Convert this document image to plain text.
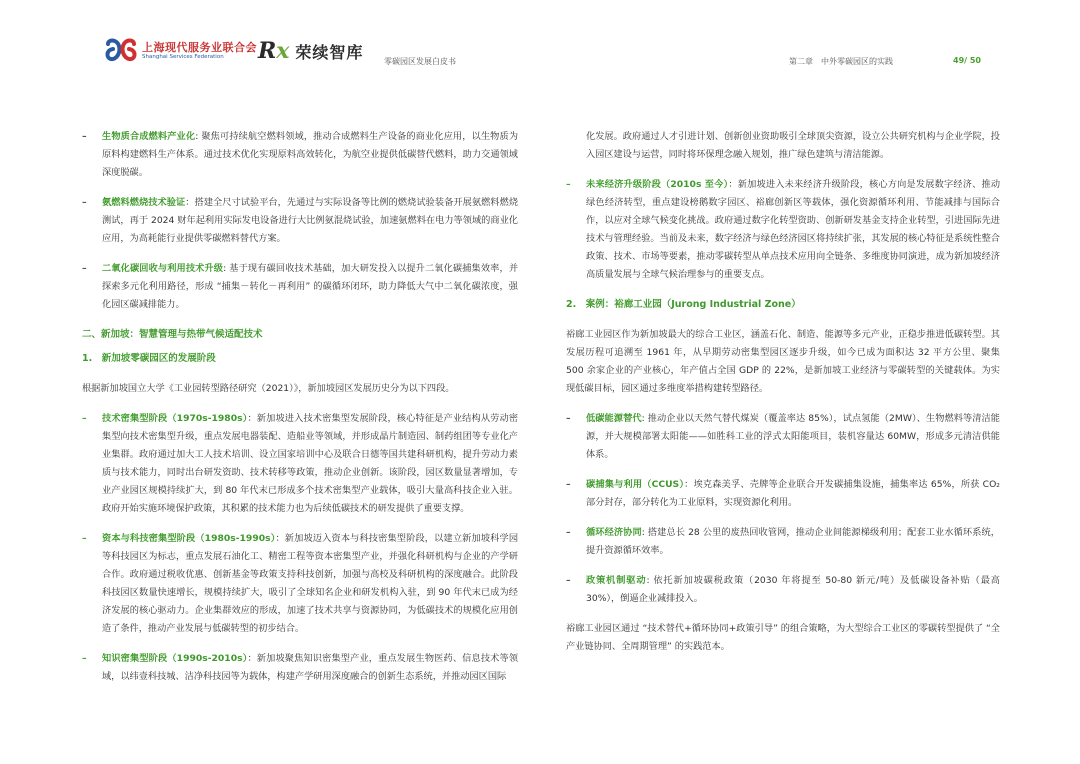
上海现代服务业联合会
Shanghai Services Federation	Rx 荣续智库	零碳园区发展白皮书	第二章　中外零碳园区的实践	49/ 50
– 生物质合成燃料产业化: 聚焦可持续航空燃料领域，推动合成燃料生产设备的商业化应用，以生物质为原料构建燃料生产体系。通过技术优化实现原料高效转化，为航空业提供低碳替代燃料，助力交通领域深度脱碳。
– 氨燃料燃烧技术验证：搭建全尺寸试验平台，先通过与实际设备等比例的燃烧试验装备开展氨燃料燃烧测试，再于 2024 财年起利用实际发电设备进行大比例氨混烧试验，加速氨燃料在电力等领域的商业化应用，为高耗能行业提供零碳燃料替代方案。
– 二氧化碳回收与利用技术升级: 基于现有碳回收技术基础，加大研发投入以提升二氧化碳捕集效率，并探索多元化利用路径，形成 “捕集－转化－再利用” 的碳循环闭环，助力降低大气中二氧化碳浓度，强化园区碳减排能力。
二、新加坡：智慧管理与热带气候适配技术
1.　新加坡零碳园区的发展阶段
根据新加坡国立大学《工业园转型路径研究（2021）》，新加坡园区发展历史分为以下四段。
– 技术密集型阶段（1970s-1980s）：新加坡进入技术密集型发展阶段，核心特征是产业结构从劳动密集型向技术密集型升级，重点发展电器装配、造船业等领域，并形成晶片制造园、制药组团等专业化产业集群。政府通过加大工人技术培训、设立国家培训中心及联合日德等国共建科研机构，提升劳动力素质与技术能力，同时出台研发资助、技术转移等政策，推动企业创新。该阶段，园区数量显著增加，专业产业园区规模持续扩大，到 80 年代末已形成多个技术密集型产业载体，吸引大量高科技企业入驻。政府开始实施环境保护政策，其积累的技术能力也为后续低碳技术的研发提供了重要支撑。
– 资本与科技密集型阶段（1980s-1990s）：新加坡迈入资本与科技密集型阶段，以建立新加坡科学园等科技园区为标志，重点发展石油化工、精密工程等资本密集型产业，并强化科研机构与企业的产学研合作。政府通过税收优惠、创新基金等政策支持科技创新，加强与高校及科研机构的深度融合。此阶段科技园区数量快速增长，规模持续扩大，吸引了全球知名企业和研发机构入驻，到 90 年代末已成为经济发展的核心驱动力。企业集群效应的形成，加速了技术共享与资源协同，为低碳技术的规模化应用创造了条件，推动产业发展与低碳转型的初步结合。
– 知识密集型阶段（1990s-2010s）：新加坡聚焦知识密集型产业，重点发展生物医药、信息技术等领域，以纬壹科技城、洁净科技园等为载体，构建产学研用深度融合的创新生态系统，并推动园区国际
化发展。政府通过人才引进计划、创新创业资助吸引全球顶尖资源，设立公共研究机构与企业学院，投入园区建设与运营，同时将环保理念融入规划，推广绿色建筑与清洁能源。
– 未来经济升级阶段（2010s 至今）：新加坡进入未来经济升级阶段，核心方向是发展数字经济、推动绿色经济转型，重点建设榜鹅数字园区、裕廊创新区等载体，强化资源循环利用、节能减排与国际合作，以应对全球气候变化挑战。政府通过数字化转型资助、创新研发基金支持企业转型，引进国际先进技术与管理经验。当前及未来，数字经济与绿色经济园区将持续扩张，其发展的核心特征是系统性整合政策、技术、市场等要素，推动零碳转型从单点技术应用向全链条、多维度协同演进，成为新加坡经济高质量发展与全球气候治理参与的重要支点。
2.　案例：裕廊工业园（Jurong Industrial Zone）
裕廊工业园区作为新加坡最大的综合工业区，涵盖石化、制造、能源等多元产业，正稳步推进低碳转型。其发展历程可追溯至 1961 年，从早期劳动密集型园区逐步升级，如今已成为面积达 32 平方公里、聚集 500 余家企业的产业核心，年产值占全国 GDP 的 22%，是新加坡工业经济与零碳转型的关键载体。为实现低碳目标，园区通过多维度举措构建转型路径。
– 低碳能源替代: 推动企业以天然气替代煤炭（覆盖率达 85%），试点氢能（2MW）、生物燃料等清洁能源，并大规模部署太阳能——如胜科工业的浮式太阳能项目，装机容量达 60MW，形成多元清洁供能体系。
– 碳捕集与利用（CCUS）：埃克森美孚、壳牌等企业联合开发碳捕集设施，捕集率达 65%，所获 CO₂ 部分封存，部分转化为工业原料，实现资源化利用。
– 循环经济协同: 搭建总长 28 公里的废热回收管网，推动企业间能源梯级利用；配套工业水循环系统，提升资源循环效率。
– 政策机制驱动: 依托新加坡碳税政策（2030 年将提至 50-80 新元/吨）及低碳设备补贴（最高 30%），倒逼企业减排投入。
裕廊工业园区通过 “技术替代+循环协同+政策引导” 的组合策略，为大型综合工业区的零碳转型提供了 “全产业链协同、全周期管理” 的实践范本。
